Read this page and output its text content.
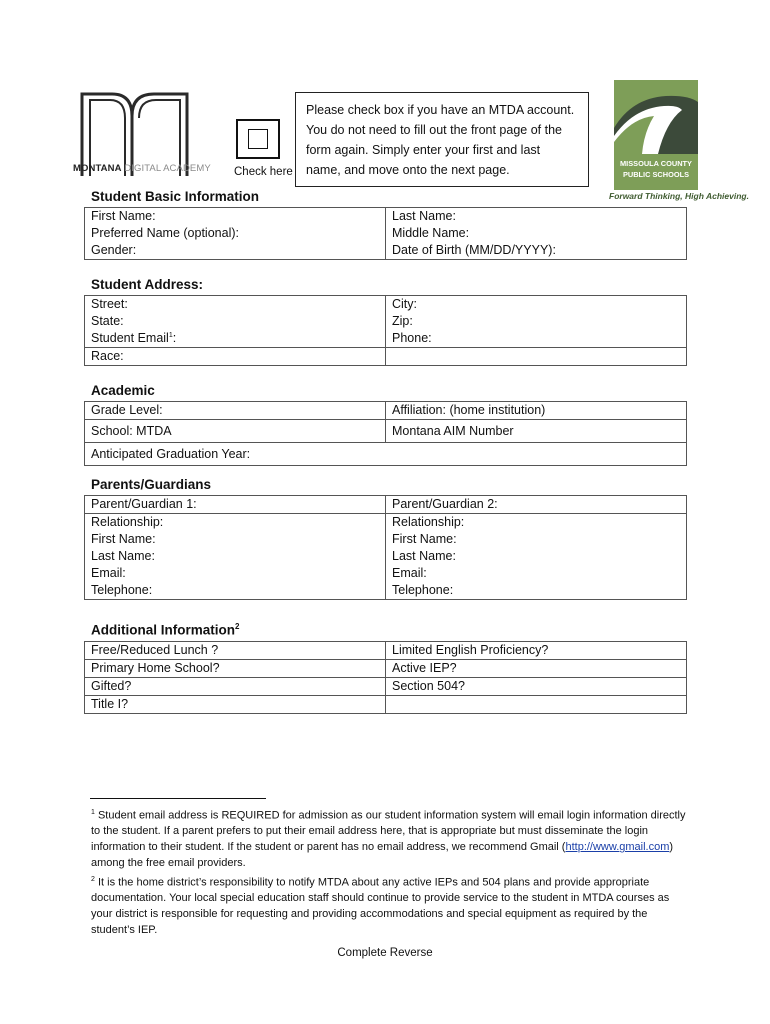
MONTANA DIGITAL ACADEMY Check here
Please check box if you have an MTDA account.
You do not need to fill out the front page of the
form again. Simply enter your first and last
name, and move onto the next page.	MISSOULA COUNTY
PUBLIC SCHOOLS
Forward Thinking, High Achieving.
Student Basic Information
First Name:	Last Name:
Preferred Name (optional):	Middle Name:
Gender:	Date of Birth (MM/DD/YYYY):
Student Address:
Street:	City:
State:	Zip:
Student Email$^1$:	Phone:
Race:	
Academic
Grade Level:	Affiliation: (home institution)
School: MTDA	Montana AIM Number
Anticipated Graduation Year:	
Parents/Guardians
Parent/Guardian 1:	Parent/Guardian 2:
Relationship:	Relationship:
First Name:	First Name:
Last Name:	Last Name:
Email:	Email:
Telephone:	Telephone:
Additional Information$^2$
Free/Reduced Lunch ?	Limited English Proficiency?
Primary Home School?	Active IEP?
Gifted?	Section 504?
Title I?	

$^1$ Student email address is REQUIRED for admission as our student information system will email login information directly to the student. If a parent prefers to put their email address here, that is appropriate but must disseminate the login information to their student. If the student or parent has no email address, we recommend Gmail (http://www.gmail.com) among the free email providers.

$^2$ It is the home district’s responsibility to notify MTDA about any active IEPs and 504 plans and provide appropriate documentation. Your local special education staff should continue to provide service to the student in MTDA courses as your district is responsible for requesting and providing accommodations and special equipment as required by the student’s IEP.

Complete Reverse
